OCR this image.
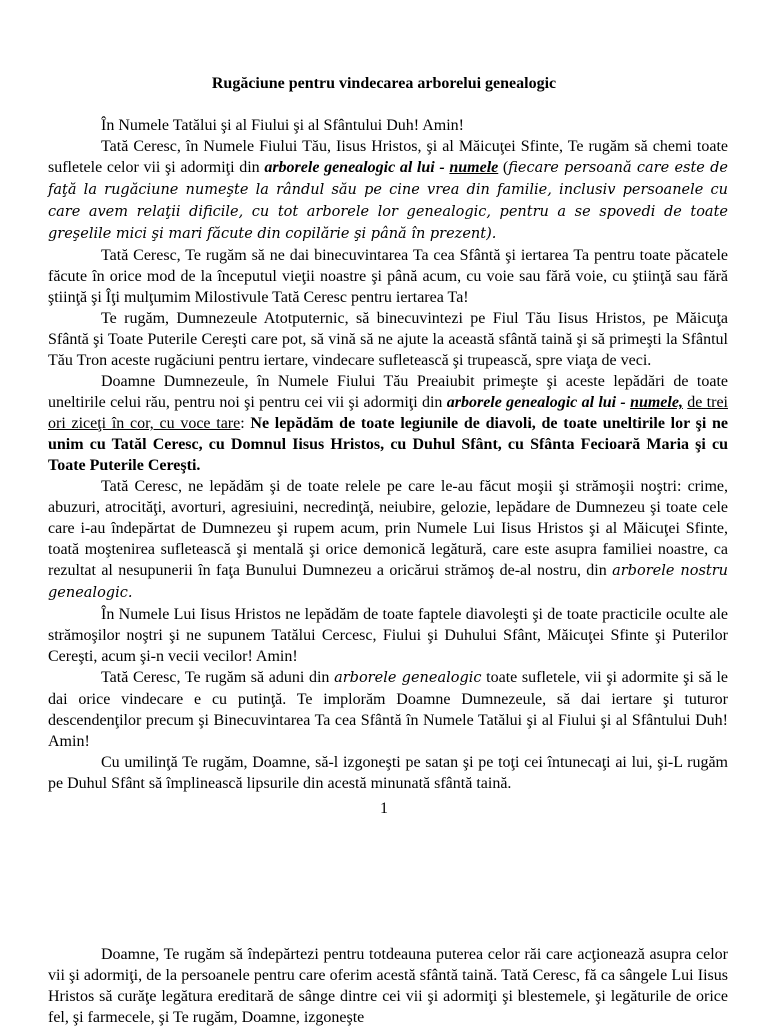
Rugăciune pentru vindecarea arborelui genealogic

În Numele Tatălui şi al Fiului şi al Sfântului Duh! Amin!

Tată Ceresc, în Numele Fiului Tău, Iisus Hristos, şi al Măicuţei Sfinte, Te rugăm să chemi toate sufletele celor vii şi adormiţi din arborele genealogic al lui - numele (fiecare persoană care este de faţă la rugăciune numeşte la rândul său pe cine vrea din familie, inclusiv persoanele cu care avem relaţii dificile, cu tot arborele lor genealogic, pentru a se spovedi de toate greşelile mici şi mari făcute din copilărie şi până în prezent).

Tată Ceresc, Te rugăm să ne dai binecuvintarea Ta cea Sfântă şi iertarea Ta pentru toate păcatele făcute în orice mod de la începutul vieţii noastre şi până acum, cu voie sau fără voie, cu ştiinţă sau fără ştiinţă şi Îţi mulţumim Milostivule Tată Ceresc pentru iertarea Ta!

Te rugăm, Dumnezeule Atotputernic, să binecuvintezi pe Fiul Tău Iisus Hristos, pe Măicuţa Sfântă şi Toate Puterile Cereşti care pot, să vină să ne ajute la această sfântă taină şi să primeşti la Sfântul Tău Tron aceste rugăciuni pentru iertare, vindecare sufletească şi trupească, spre viaţa de veci.

Doamne Dumnezeule, în Numele Fiului Tău Preaiubit primeşte şi aceste lepădări de toate uneltirile celui rău, pentru noi şi pentru cei vii şi adormiţi din arborele genealogic al lui - numele, de trei ori ziceţi în cor, cu voce tare: Ne lepădăm de toate legiunile de diavoli, de toate uneltirile lor şi ne unim cu Tatăl Ceresc, cu Domnul Iisus Hristos, cu Duhul Sfânt, cu Sfânta Fecioară Maria şi cu Toate Puterile Cereşti.

Tată Ceresc, ne lepădăm şi de toate relele pe care le-au făcut moşii şi strămoşii noştri: crime, abuzuri, atrocităţi, avorturi, agresiuini, necredinţă, neiubire, gelozie, lepădare de Dumnezeu şi toate cele care i-au îndepărtat de Dumnezeu şi rupem acum, prin Numele Lui Iisus Hristos şi al Măicuţei Sfinte, toată moştenirea sufletească şi mentală şi orice demonică legătură, care este asupra familiei noastre, ca rezultat al nesupunerii în faţa Bunului Dumnezeu a oricărui strămoş de-al nostru, din arborele nostru genealogic.

În Numele Lui Iisus Hristos ne lepădăm de toate faptele diavoleşti şi de toate practicile oculte ale strămoşilor noştri şi ne supunem Tatălui Cercesc, Fiului şi Duhului Sfânt, Măicuţei Sfinte şi Puterilor Cereşti, acum şi-n vecii vecilor! Amin!

Tată Ceresc, Te rugăm să aduni din arborele genealogic toate sufletele, vii şi adormite şi să le dai orice vindecare e cu putinţă. Te implorăm Doamne Dumnezeule, să dai iertare şi tuturor descendenţilor precum şi Binecuvintarea Ta cea Sfântă în Numele Tatălui şi al Fiului şi al Sfântului Duh! Amin!

Cu umilinţă Te rugăm, Doamne, să-l izgoneşti pe satan şi pe toţi cei întunecaţi ai lui, şi-L rugăm pe Duhul Sfânt să împlinească lipsurile din acestă minunată sfântă taină.

1

Doamne, Te rugăm să îndepărtezi pentru totdeauna puterea celor răi care acţionează asupra celor vii şi adormiţi, de la persoanele pentru care oferim acestă sfântă taină. Tată Ceresc, fă ca sângele Lui Iisus Hristos să curăţe legătura ereditară de sânge dintre cei vii şi adormiţi şi blestemele, şi legăturile de orice fel, şi farmecele, şi Te rugăm, Doamne, izgoneşte
